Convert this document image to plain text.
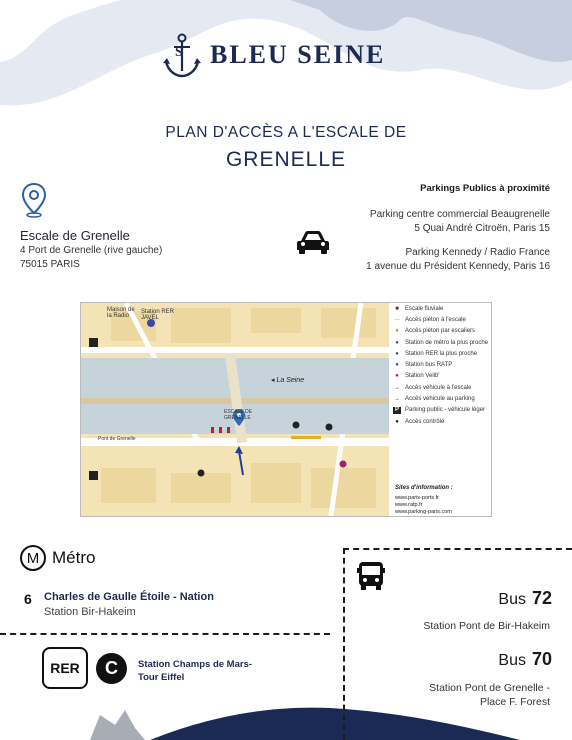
S BLEU SEINE
PLAN D'ACCÈS A L'ESCALE DE
GRENELLE
Escale de Grenelle
4 Port de Grenelle (rive gauche)
75015 PARIS
Parkings Publics à proximité
Parking centre commercial Beaugrenelle
5 Quai André Citroën, Paris 15
Parking Kennedy / Radio France
1 avenue du Président Kennedy, Paris 16
Maison de la Radio
Station RER JAVEL
◂ La Seine
ESCALE DE GRENELLE
Pont de Grenelle
■	Escale fluviale
··· Accès piéton à l'escale
♦	Accès piéton par escaliers
●	Station de métro la plus proche
●	Station RER la plus proche
●	Station bus RATP
●	Station Velib'
→ Accès véhicule à l'escale
→ Accès véhicule au parking
P	Parking public - véhicule léger
●	Accès contrôlé
Sites d'information :
www.paris-ports.fr
www.ratp.fr
www.parking-paris.com
M Métro
6 Charles de Gaulle Étoile - Nation
Station Bir-Hakeim
RER	C	Station Champs de Mars-
Tour Eiffel
Bus 72
Station Pont de Bir-Hakeim
Bus 70
Station Pont de Grenelle -
Place F. Forest
